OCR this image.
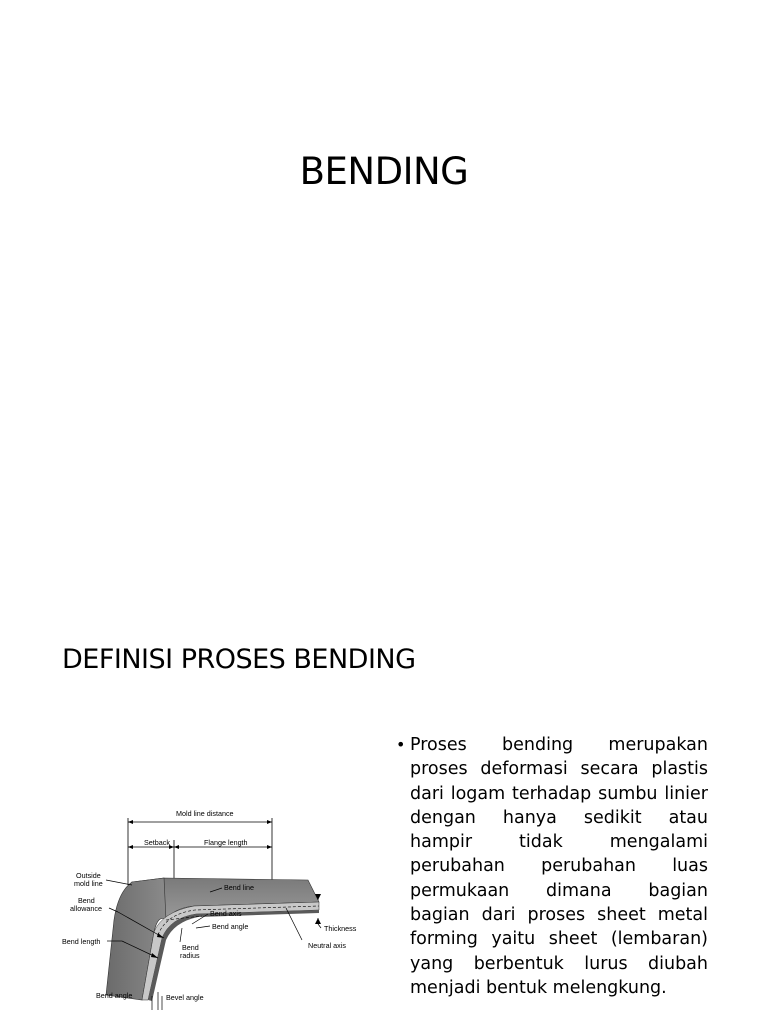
BENDING
DEFINISI PROSES BENDING
• Proses bending merupakan proses deformasi secara plastis dari logam terhadap sumbu linier dengan hanya sedikit atau hampir tidak mengalami perubahan perubahan luas permukaan dimana bagian bagian dari proses sheet metal forming yaitu sheet (lembaran) yang berbentuk lurus diubah menjadi bentuk melengkung.
Mold line distance
Setback	Flange length
Outside
mold line
Bend
allowance
Bend line
Bend axis
Bend angle	Thickness
Bend length
Bend
radius
Neutral axis
Bend angle	Bevel angle
